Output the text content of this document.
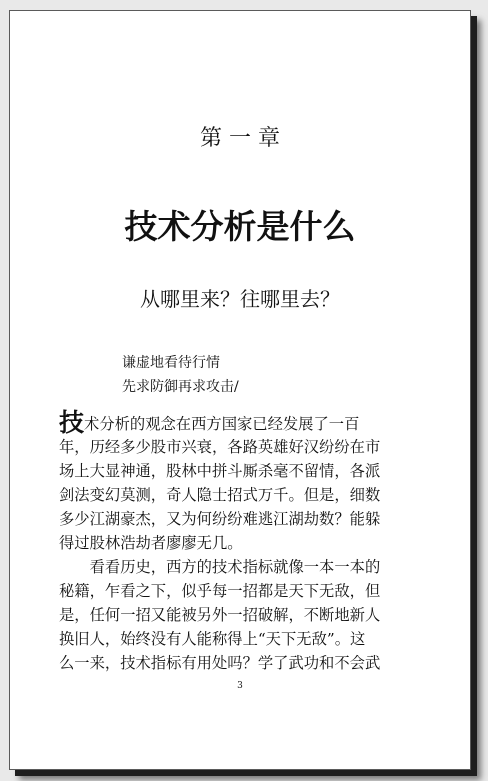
第 一 章
技术分析是什么
从哪里来？往哪里去？
谦虚地看待行情
先求防御再求攻击/
技术分析的观念在西方国家已经发展了一百
年，历经多少股市兴衰，各路英雄好汉纷纷在市
场上大显神通，股林中拼斗厮杀毫不留情，各派
剑法变幻莫测，奇人隐士招式万千。但是，细数
多少江湖豪杰，又为何纷纷难逃江湖劫数？能躲
得过股林浩劫者廖廖无几。
　　看看历史，西方的技术指标就像一本一本的
秘籍，乍看之下，似乎每一招都是天下无敌，但
是，任何一招又能被另外一招破解，不断地新人
换旧人，始终没有人能称得上“天下无敌”。这
么一来，技术指标有用处吗？学了武功和不会武
3
